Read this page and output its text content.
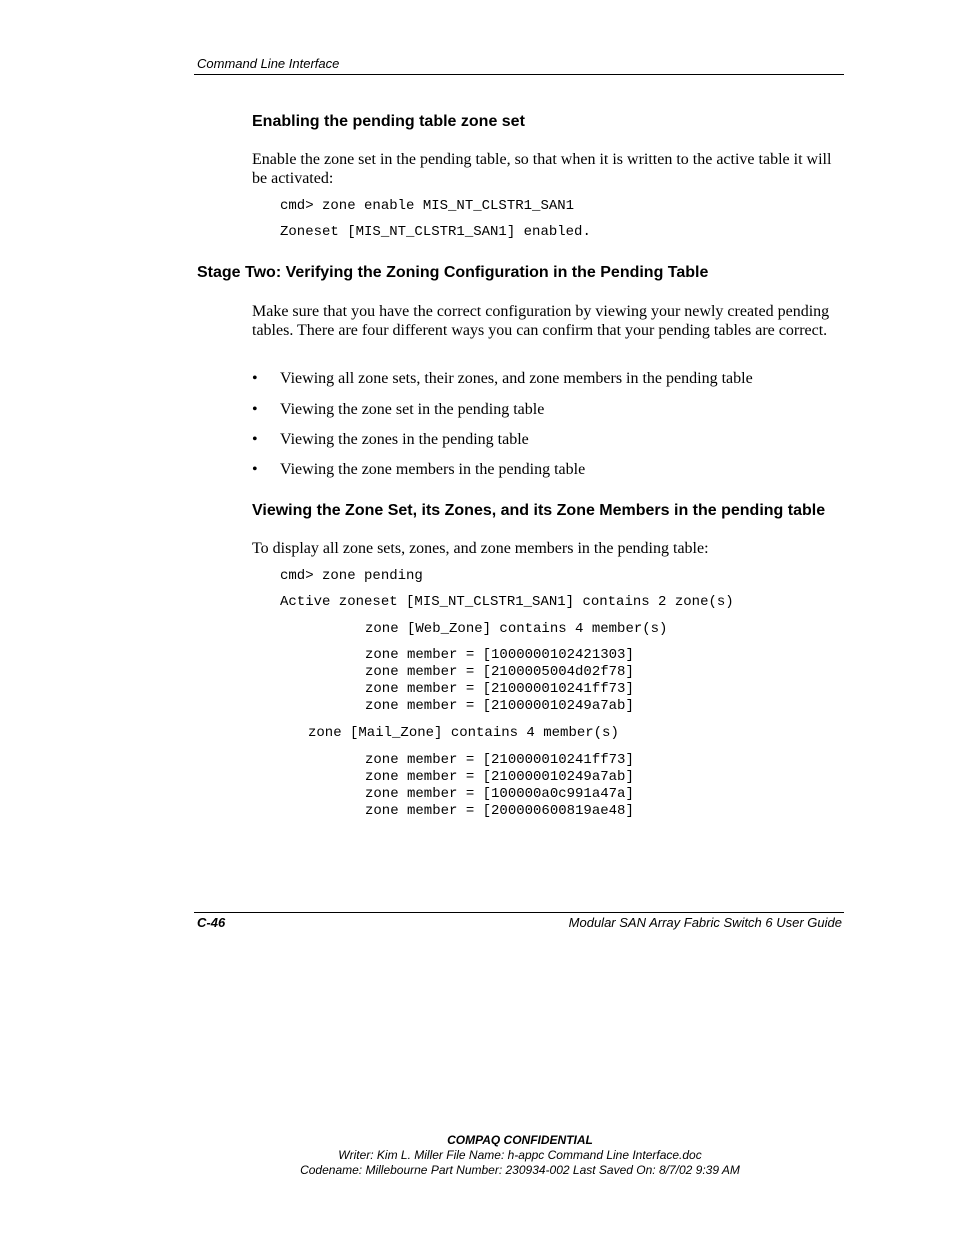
Command Line Interface
Enabling the pending table zone set
Enable the zone set in the pending table, so that when it is written to the active table it will be activated:
cmd> zone enable MIS_NT_CLSTR1_SAN1
Zoneset [MIS_NT_CLSTR1_SAN1] enabled.
Stage Two: Verifying the Zoning Configuration in the Pending Table
Make sure that you have the correct configuration by viewing your newly created pending tables. There are four different ways you can confirm that your pending tables are correct.
• Viewing all zone sets, their zones, and zone members in the pending table
• Viewing the zone set in the pending table
• Viewing the zones in the pending table
• Viewing the zone members in the pending table
Viewing the Zone Set, its Zones, and its Zone Members in the pending table
To display all zone sets, zones, and zone members in the pending table:
cmd> zone pending
Active zoneset [MIS_NT_CLSTR1_SAN1] contains 2 zone(s)
zone [Web_Zone] contains 4 member(s)
zone member = [1000000102421303]
zone member = [2100005004d02f78]
zone member = [210000010241ff73]
zone member = [210000010249a7ab]
zone [Mail_Zone] contains 4 member(s)
zone member = [210000010241ff73]
zone member = [210000010249a7ab]
zone member = [100000a0c991a47a]
zone member = [200000600819ae48]
C-46	Modular SAN Array Fabric Switch 6 User Guide
COMPAQ CONFIDENTIAL
Writer: Kim L. Miller File Name: h-appc Command Line Interface.doc
Codename: Millebourne Part Number: 230934-002 Last Saved On: 8/7/02 9:39 AM
